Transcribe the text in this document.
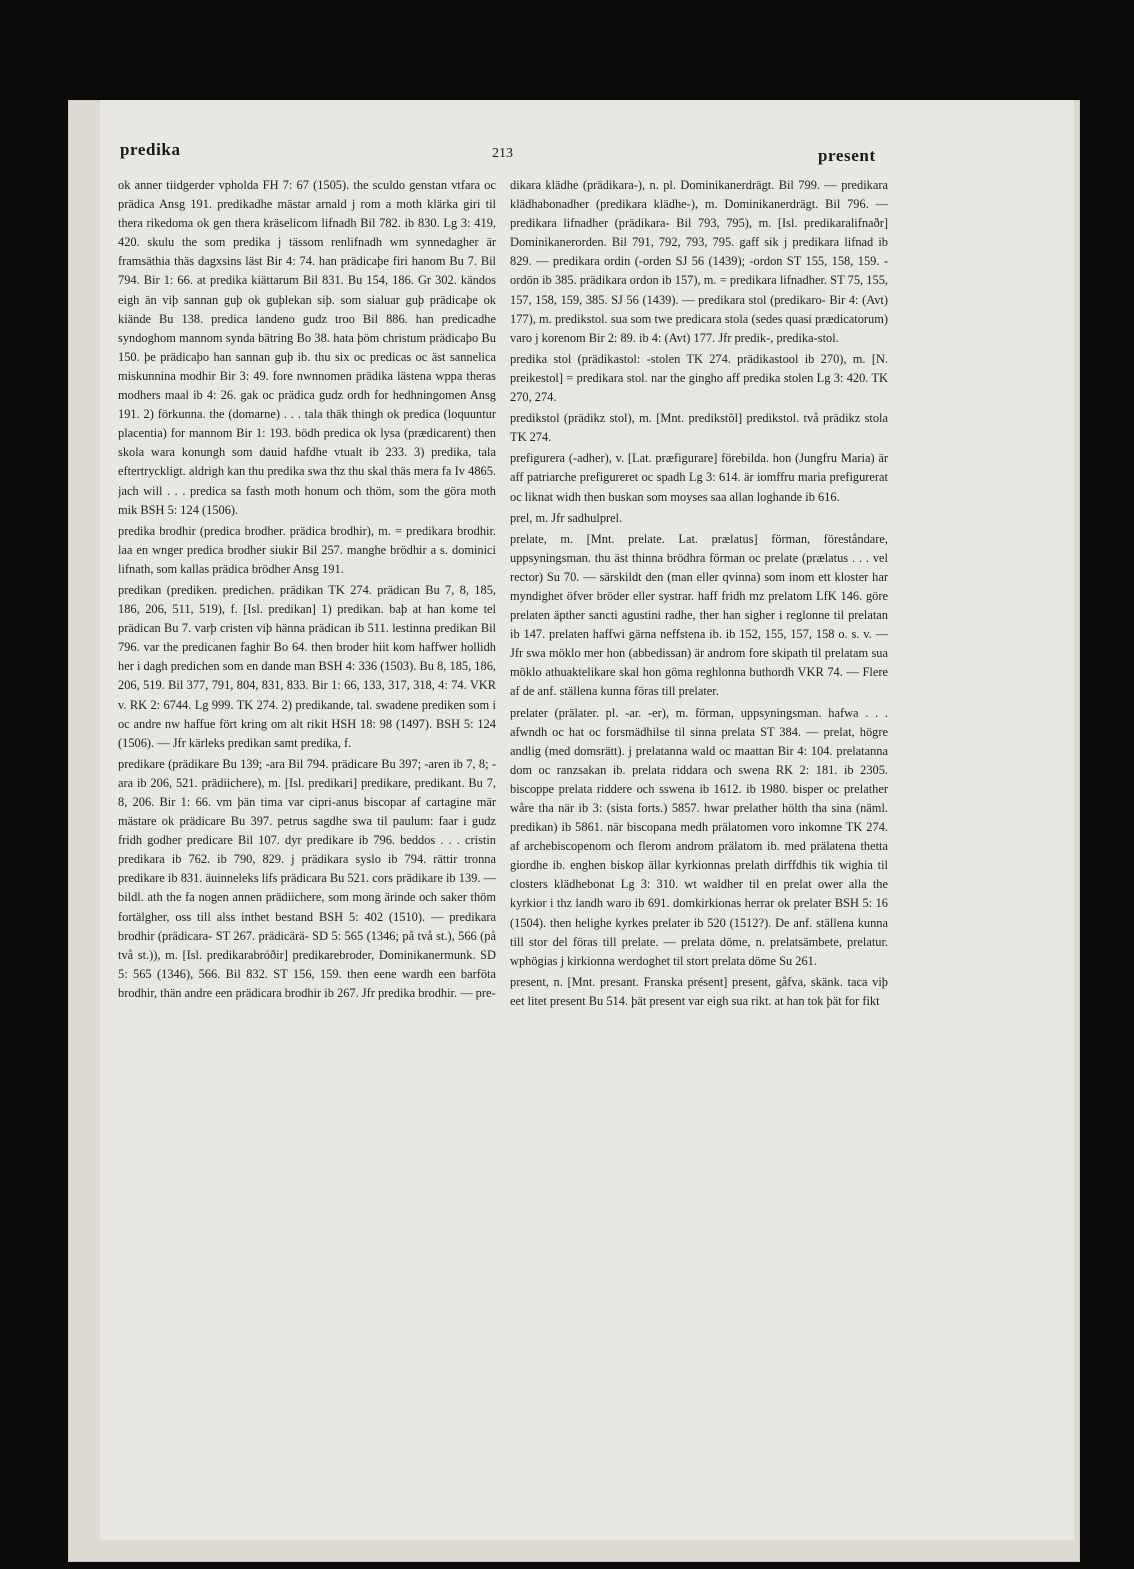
predika	213	present

ok anner tiidgerder vpholda FH 7: 67 (1505). the sculdo genstan vtfara oc prädica Ansg 191. predikadhe mästar arnald j rom a moth klärka giri til thera rikedoma ok gen thera kräselicom lifnadh Bil 782. ib 830. Lg 3: 419, 420. skulu the som predika j tässom renlifnadh wm synnedagher är framsäthia thäs dagxsins läst Bir 4: 74. han prädicaþe firi hanom Bu 7. Bil 794. Bir 1: 66. at predika kiättarum Bil 831. Bu 154, 186. Gr 302. kändos eigh än viþ sannan guþ ok guþlekan siþ. som sialuar guþ prädicaþe ok kiände Bu 138. predica landeno gudz troo Bil 886. han predicadhe syndoghom mannom synda bätring Bo 38. hata þöm christum prädicaþo Bu 150. þe prädicaþo han sannan guþ ib. thu six oc predicas oc äst sannelica miskunnina modhir Bir 3: 49. fore nwnnomen prädika lästena wppa theras modhers maal ib 4: 26. gak oc prädica gudz ordh for hedhningomen Ansg 191. 2) förkunna. the (domarne) . . . tala thäk thingh ok predica (loquuntur placentia) for mannom Bir 1: 193. bödh predica ok lysa (prædicarent) then skola wara konungh som dauid hafdhe vtualt ib 233. 3) predika, tala eftertryckligt. aldrigh kan thu predika swa thz thu skal thäs mera fa Iv 4865. jach will . . . predica sa fasth moth honum och thöm, som the göra moth mik BSH 5: 124 (1506).

predika brodhir (predica brodher. prädica brodhir), m. = predikara brodhir. laa en wnger predica brodher siukir Bil 257. manghe brödhir a s. dominici lifnath, som kallas prädica brödher Ansg 191.

predikan (prediken. predichen. prädikan TK 274. prädican Bu 7, 8, 185, 186, 206, 511, 519), f. [Isl. predikan] 1) predikan. baþ at han kome tel prädican Bu 7. varþ cristen viþ hänna prädican ib 511. lestinna predikan Bil 796. var the predicanen faghir Bo 64. then broder hiit kom haffwer hollidh her i dagh predichen som en dande man BSH 4: 336 (1503). Bu 8, 185, 186, 206, 519. Bil 377, 791, 804, 831, 833. Bir 1: 66, 133, 317, 318, 4: 74. VKR v. RK 2: 6744. Lg 999. TK 274. 2) predikande, tal. swadene prediken som i oc andre nw haffue fört kring om alt rikit HSH 18: 98 (1497). BSH 5: 124 (1506). — Jfr kärleks predikan samt predika, f.

predikare (prädikare Bu 139; -ara Bil 794. prädicare Bu 397; -aren ib 7, 8; -ara ib 206, 521. prädiichere), m. [Isl. predikari] predikare, predikant. Bu 7, 8, 206. Bir 1: 66. vm þän tima var cipri-anus biscopar af cartagine mär mästare ok prädicare Bu 397. petrus sagdhe swa til paulum: faar i gudz fridh godher predicare Bil 107. dyr predikare ib 796. beddos . . . cristin predikara ib 762. ib 790, 829. j prädikara syslo ib 794. rättir tronna predikare ib 831. äuinneleks lifs prädicara Bu 521. cors prädikare ib 139. — bildl. ath the fa nogen annen prädiichere, som mong ärinde och saker thöm fortälgher, oss till alss inthet bestand BSH 5: 402 (1510). — predikara brodhir (prädicara- ST 267. prädicärä- SD 5: 565 (1346; på två st.), 566 (på två st.)), m. [Isl. predikarabróðir] predikarebroder, Dominikanermunk. SD 5: 565 (1346), 566. Bil 832. ST 156, 159. then eene wardh een barföta brodhir, thän andre een prädicara brodhir ib 267. Jfr predika brodhir. — pre-

dikara klädhe (prädikara-), n. pl. Dominikanerdrägt. Bil 799. — predikara klädhabonadher (predikara klädhe-), m. Dominikanerdrägt. Bil 796. — predikara lifnadher (prädikara- Bil 793, 795), m. [Isl. predikaralifnaðr] Dominikanerorden. Bil 791, 792, 793, 795. gaff sik j predikara lifnad ib 829. — predikara ordin (-orden SJ 56 (1439); -ordon ST 155, 158, 159. -ordōn ib 385. prädikara ordon ib 157), m. = predikara lifnadher. ST 75, 155, 157, 158, 159, 385. SJ 56 (1439). — predikara stol (predikaro- Bir 4: (Avt) 177), m. predikstol. sua som twe predicara stola (sedes quasi prædicatorum) varo j korenom Bir 2: 89. ib 4: (Avt) 177. Jfr predik-, predika-stol.

predika stol (prädikastol: -stolen TK 274. prädikastool ib 270), m. [N. preikestol] = predikara stol. nar the gingho aff predika stolen Lg 3: 420. TK 270, 274.

predikstol (prädikz stol), m. [Mnt. predikstôl] predikstol. två prädikz stola TK 274.

prefigurera (-adher), v. [Lat. præfigurare] förebilda. hon (Jungfru Maria) är aff patriarche prefigureret oc spadh Lg 3: 614. är iomffru maria prefigurerat oc liknat widh then buskan som moyses saa allan loghande ib 616.

prel, m. Jfr sadhulprel.

prelate, m. [Mnt. prelate. Lat. prælatus] förman, föreståndare, uppsyningsman. thu äst thinna brödhra förman oc prelate (prælatus . . . vel rector) Su 70. — särskildt den (man eller qvinna) som inom ett kloster har myndighet öfver bröder eller systrar. haff fridh mz prelatom LfK 146. göre prelaten äpther sancti agustini radhe, ther han sigher i reglonne til prelatan ib 147. prelaten haffwi gärna neffstena ib. ib 152, 155, 157, 158 o. s. v. — Jfr swa möklo mer hon (abbedissan) är androm fore skipath til prelatam sua möklo athuaktelikare skal hon göma reghlonna buthordh VKR 74. — Flere af de anf. ställena kunna föras till prelater.

prelater (prälater. pl. -ar. -er), m. förman, uppsyningsman. hafwa . . . afwndh oc hat oc forsmädhilse til sinna prelata ST 384. — prelat, högre andlig (med domsrätt). j prelatanna wald oc maattan Bir 4: 104. prelatanna dom oc ranzsakan ib. prelata riddara och swena RK 2: 181. ib 2305. biscoppe prelata riddere och sswena ib 1612. ib 1980. bisper oc prelather wåre tha när ib 3: (sista forts.) 5857. hwar prelather hölth tha sina (näml. predikan) ib 5861. när biscopana medh prälatomen voro inkomne TK 274. af archebiscopenom och flerom androm prälatom ib. med prälatena thetta giordhe ib. enghen biskop ällar kyrkionnas prelath dirffdhis tik wighia til closters klädhebonat Lg 3: 310. wt waldher til en prelat ower alla the kyrkior i thz landh waro ib 691. domkirkionas herrar ok prelater BSH 5: 16 (1504). then helighe kyrkes prelater ib 520 (1512?). De anf. ställena kunna till stor del föras till prelate. — prelata döme, n. prelatsämbete, prelatur. wphögias j kirkionna werdoghet til stort prelata döme Su 261.

present, n. [Mnt. presant. Franska présent] present, gåfva, skänk. taca viþ eet litet present Bu 514. þät present var eigh sua rikt. at han tok þät for fikt
